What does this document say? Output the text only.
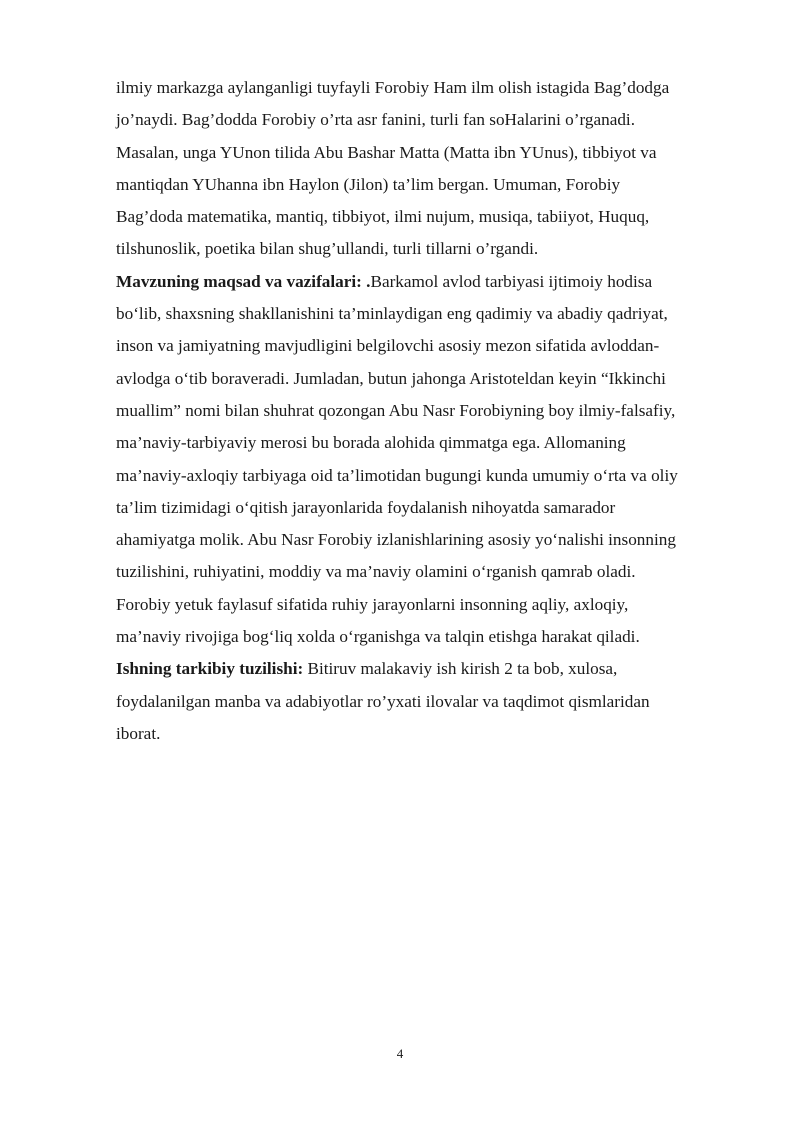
ilmiy markazga aylanganligi tuyfayli Forobiy Ham ilm olish istagida Bag’dodga
jo’naydi. Bag’dodda Forobiy o’rta asr fanini, turli fan soHalarini o’rganadi.
Masalan, unga YUnon tilida Abu Bashar Matta (Matta ibn YUnus), tibbiyot va
mantiqdan YUhanna ibn Haylon (Jilon) ta’lim bergan. Umuman, Forobiy
Bag’doda matematika, mantiq, tibbiyot, ilmi nujum, musiqa, tabiiyot, Huquq,
tilshunoslik, poetika bilan shug’ullandi, turli tillarni o’rgandi.
Mavzuning maqsad va vazifalari: .Barkamol avlod tarbiyasi ijtimoiy hodisa
bo‘lib, shaxsning shakllanishini ta’minlaydigan eng qadimiy va abadiy qadriyat,
inson va jamiyatning mavjudligini belgilovchi asosiy mezon sifatida avloddan-
avlodga o‘tib boraveradi. Jumladan, butun jahonga Aristoteldan keyin “Ikkinchi
muallim” nomi bilan shuhrat qozongan Abu Nasr Forobiyning boy ilmiy-falsafiy,
ma’naviy-tarbiyaviy merosi bu borada alohida qimmatga ega. Allomaning
ma’naviy-axloqiy tarbiyaga oid ta’limotidan bugungi kunda umumiy o‘rta va oliy
ta’lim tizimidagi o‘qitish jarayonlarida foydalanish nihoyatda samarador
ahamiyatga molik. Abu Nasr Forobiy izlanishlarining asosiy yo‘nalishi insonning
tuzilishini, ruhiyatini, moddiy va ma’naviy olamini o‘rganish qamrab oladi.
Forobiy yetuk faylasuf sifatida ruhiy jarayonlarni insonning aqliy, axloqiy,
ma’naviy rivojiga bog‘liq xolda o‘rganishga va talqin etishga harakat qiladi.
Ishning tarkibiy tuzilishi: Bitiruv malakaviy ish kirish 2 ta bob, xulosa,
foydalanilgan manba va adabiyotlar ro’yxati ilovalar va taqdimot qismlaridan
iborat.
4
